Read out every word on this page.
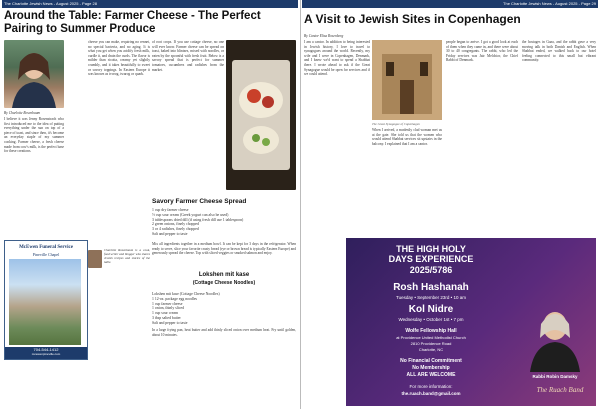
The Charlotte Jewish News - August 2025 - Page 28
Around the Table: Farmer Cheese - The Perfect Pairing to Summer Produce
By Charlotte Rosenbaum
I believe it was Jenny Rosenstrach who first introduced me to the idea of putting everything under the sun on top of a piece of toast, and since then, it's become an everyday staple of my summer cooking. Farmer cheese, a fresh cheese made from cow's milk, is the perfect base for these creations.
McEwen Funeral Service
Pineville Chapel
704-544-1412
mcewenpineville.com
cheese you can make, requiring no rennet, no special bacteria, and no aging. It is what you get when you acidify fresh milk, curdle it, and drain the curds. The flavor is milder than ricotta, creamy yet slightly crumbly, and it takes beautifully to sweet or savory toppings. In Eastern Europe it was known as tvorog, twarog or quark.
Charlotte Rosenbaum is a cook, food writer and blogger who shares Jewish recipes and stories of the table.
of root crops. If you use cottage cheese, no one will ever know. Farmer cheese can be spread on toast, baked into blintzes, mixed with noodles, or eaten by the spoonful with fresh fruit. Below is a savory spread that is perfect for summer tomatoes, cucumbers and radishes from the market.
Savory Farmer Cheese Spread
1 cup dry farmer cheese
½ cup sour cream (Greek yogurt can also be used)
3 tablespoons dried dill (if using fresh dill use 1 tablespoon)
2 green onions, finely chopped
3 or 4 radishes, finely chopped
Salt and pepper to taste
Mix all ingredients together in a medium bowl. It can be kept for 3 days in the refrigerator. When ready to serve, slice your favorite crusty bread (rye or brown bread is typically Eastern Europe) and generously spread the cheese. Top with sliced veggies or smoked salmon and enjoy.
Lokshen mit kase
(Cottage Cheese Noodles)
Lokshen mit kase (Cottage Cheese Noodles)
1 12-oz. package egg noodles
1 cup farmer cheese
1 onion, thinly sliced
1 cup sour cream
3 tbsp salted butter
Salt and pepper to taste
In a large frying pan, heat butter and add thinly sliced onion over medium heat. Fry until golden, about 10 minutes.
The Charlotte Jewish News - August 2025 - Page 29
A Visit to Jewish Sites in Copenhagen
By Cantor Elisa Rosenberg
I am a cantor. In addition to being interested in Jewish history, I love to travel to synagogues around the world. Recently, my wife and I were in Copenhagen, Denmark, and I knew we'd want to spend a Shabbat there. I wrote ahead to ask if the Great Synagogue would be open for services and if we could attend.
The Great Synagogue of Copenhagen
When I arrived, a modestly clad woman met us at the gate. She told us that the women who would attend Shabbat services sit upstairs in the balcony. I explained that I am a cantor.
people began to arrive. I got a good look at each of them when they came in, and there were about 30 to 40 congregants. The rabbi, who led the Friday services was Jair Melchior, the Chief Rabbi of Denmark.
the hostages in Gaza, and the rabbi gave a very moving talk in both Danish and English. When Shabbat ended, we walked back to our hotel feeling connected to this small but vibrant community.
THE HIGH HOLY
DAYS EXPERIENCE
2025/5786
Rosh Hashanah
Tuesday • September 23rd • 10 am
Kol Nidre
Wednesday • October 1st • 7 pm
Wolfe Fellowship Hall
at Providence United Methodist Church
2810 Providence Road
Charlotte, NC
No Financial Commitment
No Membership
ALL ARE WELCOME
For more information:
the.ruach.band@gmail.com
Rabbi Robin Damsky
The Ruach Band
